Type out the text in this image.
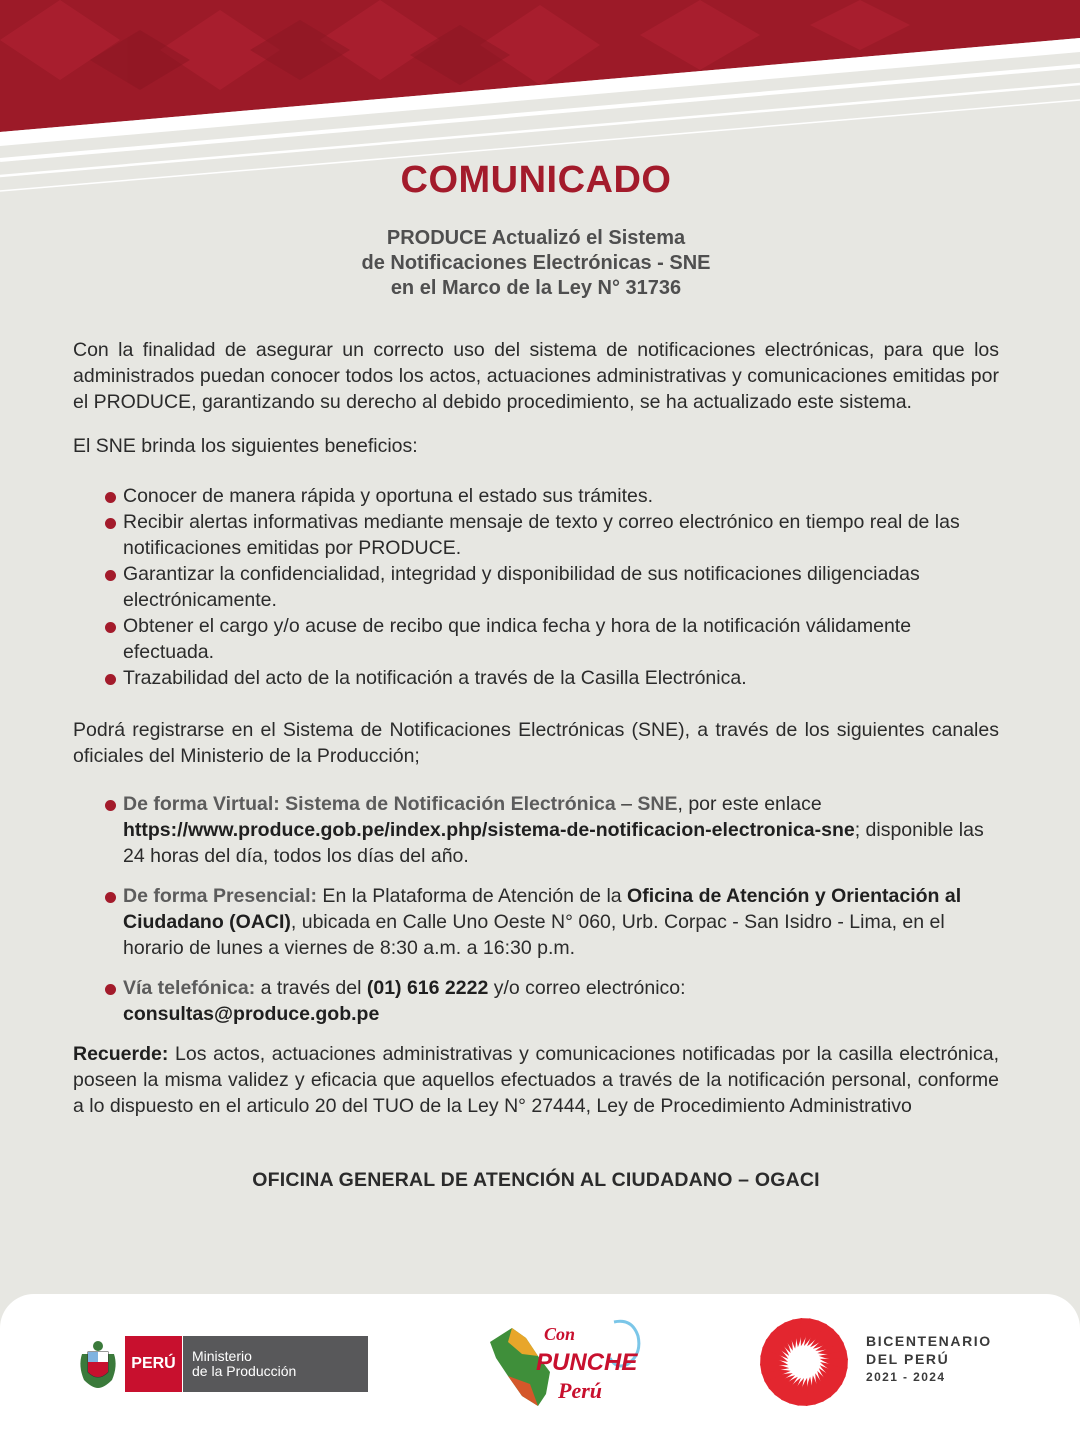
COMUNICADO
PRODUCE Actualizó el Sistema
de Notificaciones Electrónicas - SNE
en el Marco de la Ley N° 31736

Con la finalidad de asegurar un correcto uso del sistema de notificaciones electrónicas, para que los administrados puedan conocer todos los actos, actuaciones administrativas y comunicaciones emitidas por el PRODUCE, garantizando su derecho al debido procedimiento, se ha actualizado este sistema.

El SNE brinda los siguientes beneficios:

Conocer de manera rápida y oportuna el estado sus trámites.
Recibir alertas informativas mediante mensaje de texto y correo electrónico en tiempo real de las notificaciones emitidas por PRODUCE.
Garantizar la confidencialidad, integridad y disponibilidad de sus notificaciones diligenciadas electrónicamente.
Obtener el cargo y/o acuse de recibo que indica fecha y hora de la notificación válidamente efectuada.
Trazabilidad del acto de la notificación a través de la Casilla Electrónica.

Podrá registrarse en el Sistema de Notificaciones Electrónicas (SNE), a través de los siguientes canales oficiales del Ministerio de la Producción;

De forma Virtual: Sistema de Notificación Electrónica – SNE, por este enlace
https://www.produce.gob.pe/index.php/sistema-de-notificacion-electronica-sne; disponible las 24 horas del día, todos los días del año.
De forma Presencial: En la Plataforma de Atención de la Oficina de Atención y Orientación al Ciudadano (OACI), ubicada en Calle Uno Oeste N° 060, Urb. Corpac - San Isidro - Lima, en el horario de lunes a viernes de 8:30 a.m. a 16:30 p.m.
Vía telefónica: a través del (01) 616 2222 y/o correo electrónico:
consultas@produce.gob.pe

Recuerde: Los actos, actuaciones administrativas y comunicaciones notificadas por la casilla electrónica, poseen la misma validez y eficacia que aquellos efectuados a través de la notificación personal, conforme a lo dispuesto en el articulo 20 del TUO de la Ley N° 27444, Ley de Procedimiento Administrativo

OFICINA GENERAL DE ATENCIÓN AL CIUDADANO – OGACI
PERÚ	Ministerio
de la Producción
Con
PUNCHE
Perú
BICENTENARIO
DEL PERÚ
2021 - 2024
